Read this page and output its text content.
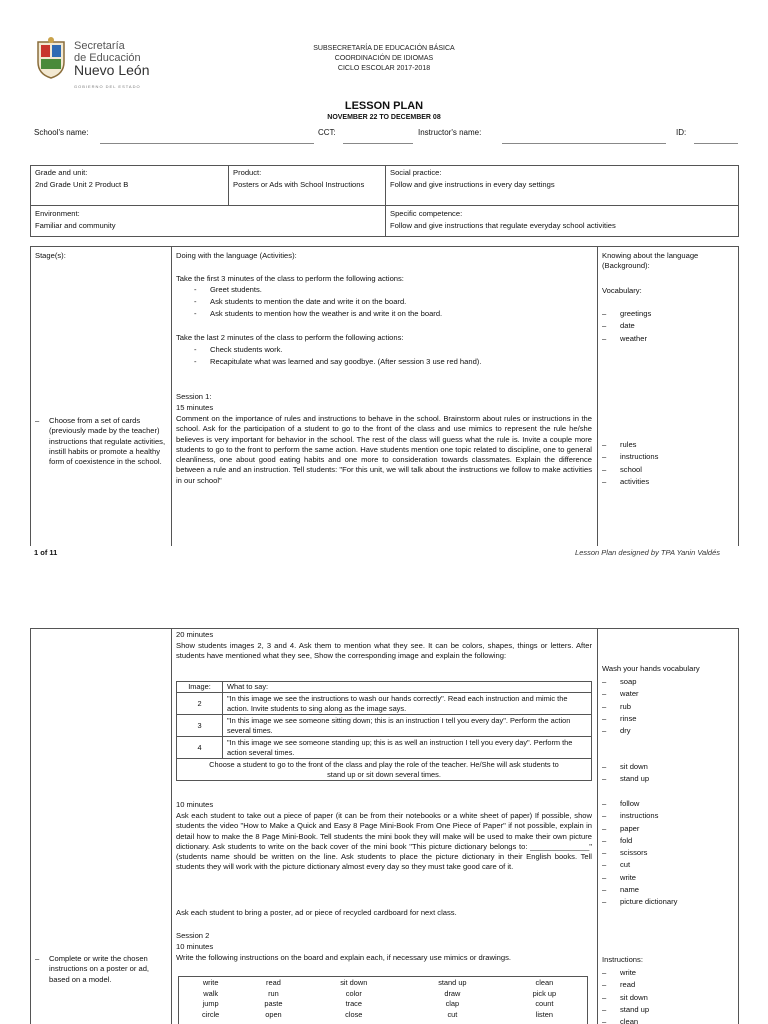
Secretaría
de Educación
Nuevo León
GOBIERNO DEL ESTADO
SUBSECRETARÍA DE EDUCACIÓN BÁSICA
COORDINACIÓN DE IDIOMAS
CICLO ESCOLAR 2017-2018
LESSON PLAN
NOVEMBER 22 TO DECEMBER 08
School's name:	CCT:	Instructor's name:	ID:
Grade and unit:
2nd Grade Unit 2 Product B
Product:
Posters or Ads with School Instructions
Social practice:
Follow and give instructions in every day settings
Environment:
Familiar and community
Specific competence:
Follow and give instructions that regulate everyday school activities
Stage(s):
–	Choose from a set of cards (previously made by the teacher) instructions that regulate activities, instill habits or promote a healthy form of coexistence in the school.
Doing with the language (Activities):
Take the first 3 minutes of the class to perform the following actions:
- Greet students.
- Ask students to mention the date and write it on the board.
- Ask students to mention how the weather is and write it on the board.
Take the last 2 minutes of the class to perform the following actions:
- Check students work.
- Recapitulate what was learned and say goodbye. (After session 3 use red hand).
Session 1:
15 minutes
Comment on the importance of rules and instructions to behave in the school. Brainstorm about rules or instructions in the school. Ask for the participation of a student to go to the front of the class and use mimics to represent the rule he/she believes is very important for behavior in the school. The rest of the class will guess what the rule is. Invite a couple more students to go to the front to perform the same action. Have students mention one topic related to discipline, one to general cleanliness, one about good eating habits and one more to consideration towards classmates. Explain the difference between a rule and an instruction. Tell students: "For this unit, we will talk about the instructions we follow to make activities in our school"
Knowing about the language (Background):
Vocabulary:
– greetings
– date
– weather
– rules
– instructions
– school
– activities
1 of 11	Lesson Plan designed by TPA Yanin Valdés
20 minutes
Show students images 2, 3 and 4. Ask them to mention what they see. It can be colors, shapes, things or letters. After students have mentioned what they see, Show the corresponding image and explain the following:
Image:	What to say:
2	"In this image we see the instructions to wash our hands correctly". Read each instruction and mimic the action. Invite students to sing along as the image says.
3	"In this image we see someone sitting down; this is an instruction I tell you every day". Perform the action several times.
4	"In this image we see someone standing up; this is as well an instruction I tell you every day". Perform the action several times.
Choose a student to go to the front of the class and play the role of the teacher. He/She will ask students to stand up or sit down several times.	
10 minutes
Ask each student to take out a piece of paper (it can be from their notebooks or a white sheet of paper) If possible, show students the video "How to Make a Quick and Easy 8 Page Mini-Book From One Piece of Paper" if not possible, explain in detail how to make the 8 Page Mini-Book. Tell students the mini book they will make will be used to make their own picture dictionary. Ask students to write on the back cover of the mini book "This picture dictionary belongs to: ______________" (students name should be written on the line. Ask students to place the picture dictionary in their English books. Tell students they will work with the picture dictionary almost every day so they must take good care of it.
Ask each student to bring a poster, ad or piece of recycled cardboard for next class.
Session 2
10 minutes
Write the following instructions on the board and explain each, if necessary use mimics or drawings.
write	read	sit down	stand up	clean
walk	run	color	draw	pick up
jump	paste	trace	clap	count
circle	open	close	cut	listen
–	Complete or write the chosen instructions on a poster or ad, based on a model.
Wash your hands vocabulary
– soap
– water
– rub
– rinse
– dry
– sit down
– stand up
– follow
– instructions
– paper
– fold
– scissors
– cut
– write
– name
– picture dictionary
Instructions:
– write
– read
– sit down
– stand up
– clean
